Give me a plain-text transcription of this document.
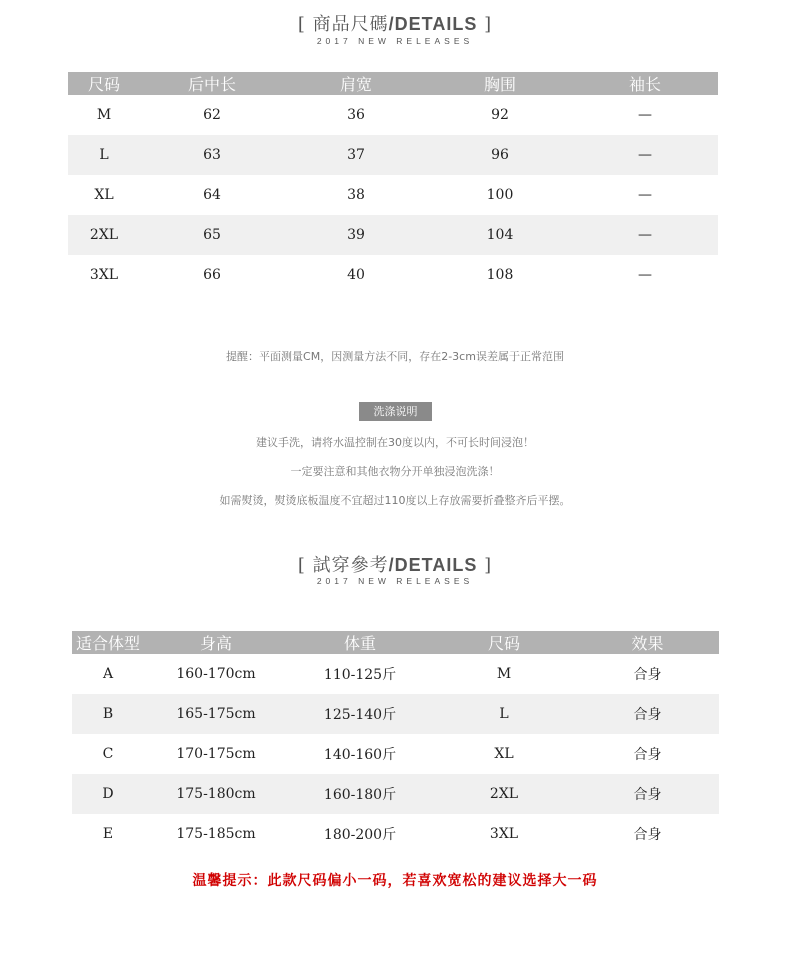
[ 商品尺碼/DETAILS ]
2017 NEW RELEASES
尺码	后中长	肩宽	胸围	袖长
M	62	36	92	—
L	63	37	96	—
XL	64	38	100	—
2XL	65	39	104	—
3XL	66	40	108	—
提醒：平面测量CM，因测量方法不同，存在2-3cm误差属于正常范围
洗涤说明
建议手洗，请将水温控制在30度以内，不可长时间浸泡！
一定要注意和其他衣物分开单独浸泡洗涤！
如需熨烫，熨烫底板温度不宜超过110度以上存放需要折叠整齐后平摆。
[ 試穿參考/DETAILS ]
2017 NEW RELEASES
适合体型	身高	体重	尺码	效果
A	160-170cm	110-125斤	M	合身
B	165-175cm	125-140斤	L	合身
C	170-175cm	140-160斤	XL	合身
D	175-180cm	160-180斤	2XL	合身
E	175-185cm	180-200斤	3XL	合身
温馨提示：此款尺码偏小一码，若喜欢宽松的建议选择大一码
